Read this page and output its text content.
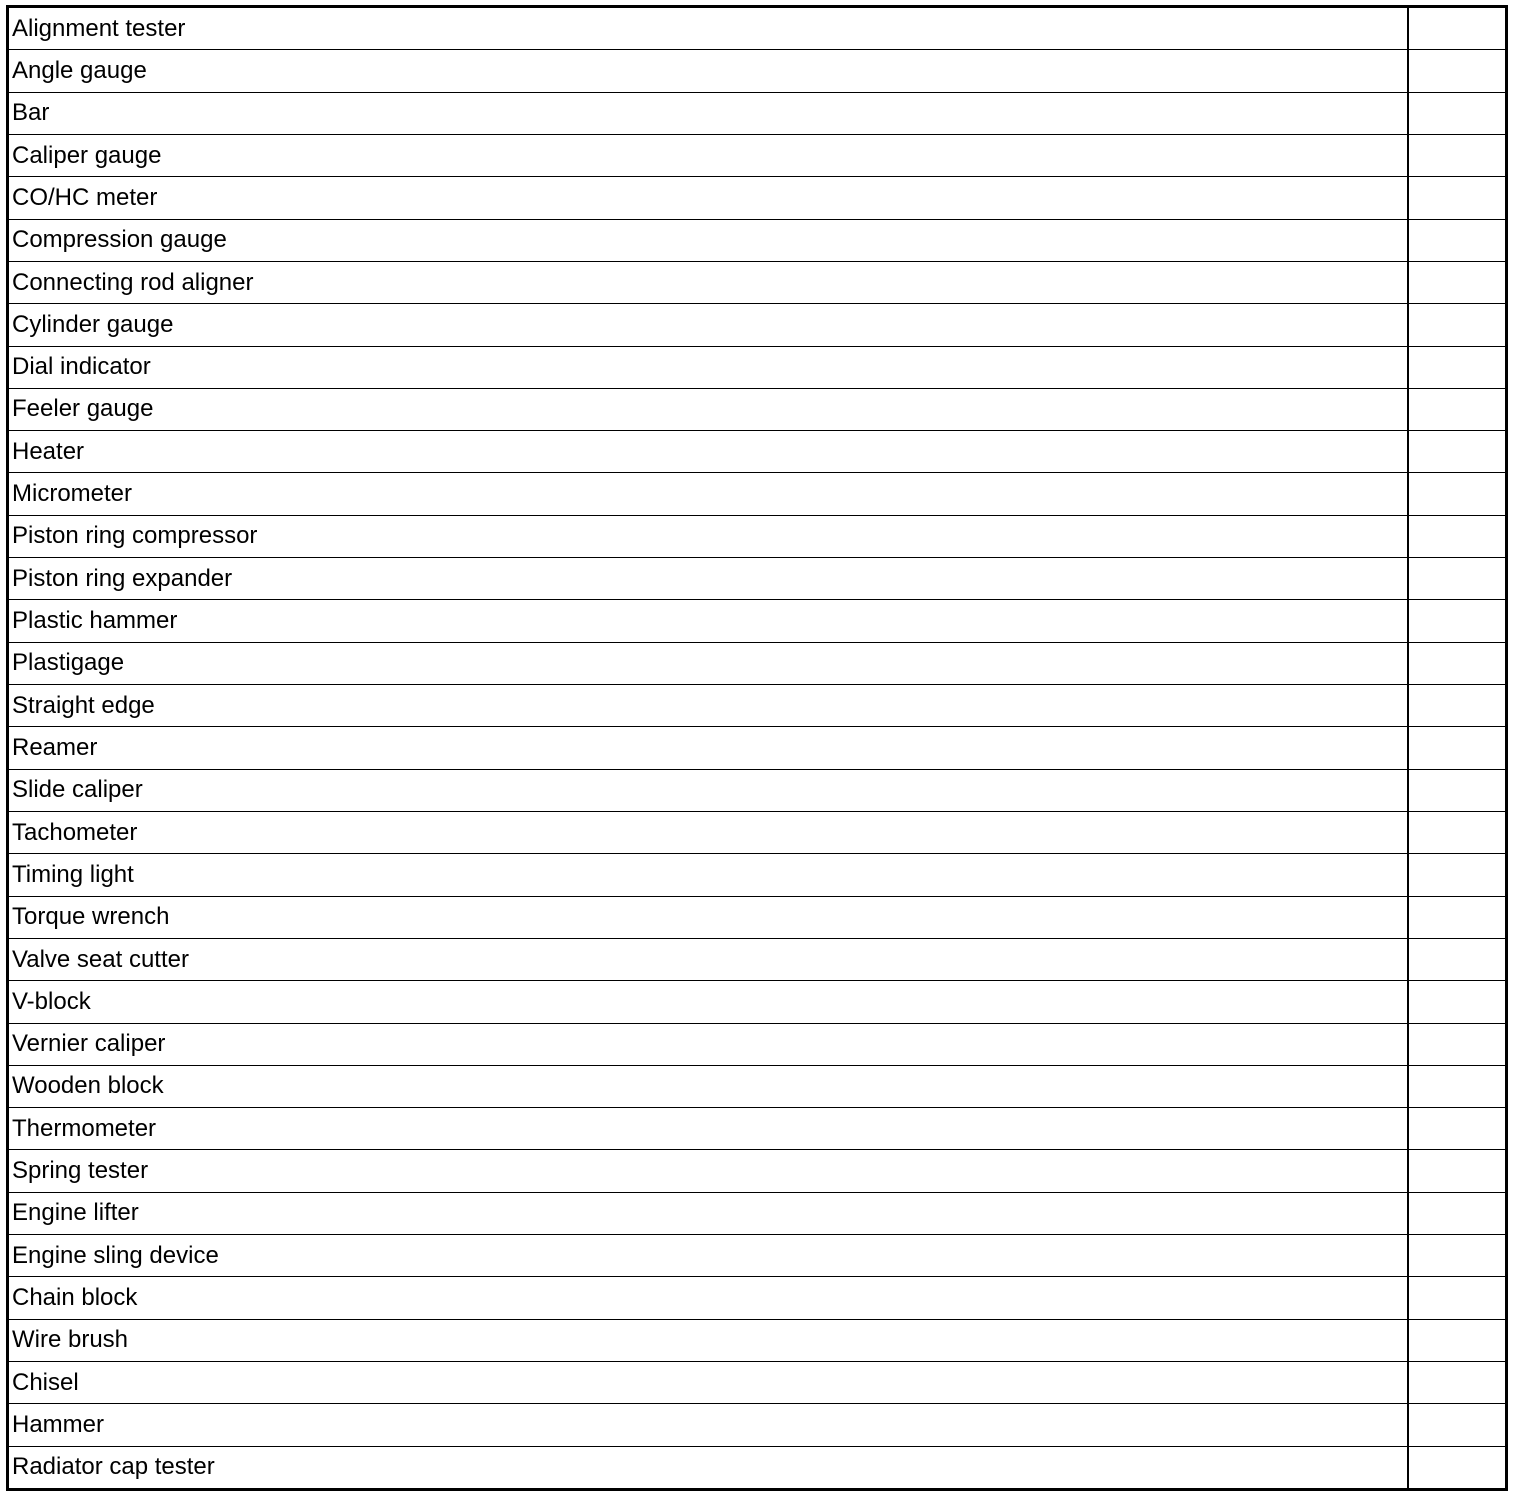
Alignment tester
Angle gauge
Bar
Caliper gauge
CO/HC meter
Compression gauge
Connecting rod aligner
Cylinder gauge
Dial indicator
Feeler gauge
Heater
Micrometer
Piston ring compressor
Piston ring expander
Plastic hammer
Plastigage
Straight edge
Reamer
Slide caliper
Tachometer
Timing light
Torque wrench
Valve seat cutter
V-block
Vernier caliper
Wooden block
Thermometer
Spring tester
Engine lifter
Engine sling device
Chain block
Wire brush
Chisel
Hammer
Radiator cap tester
